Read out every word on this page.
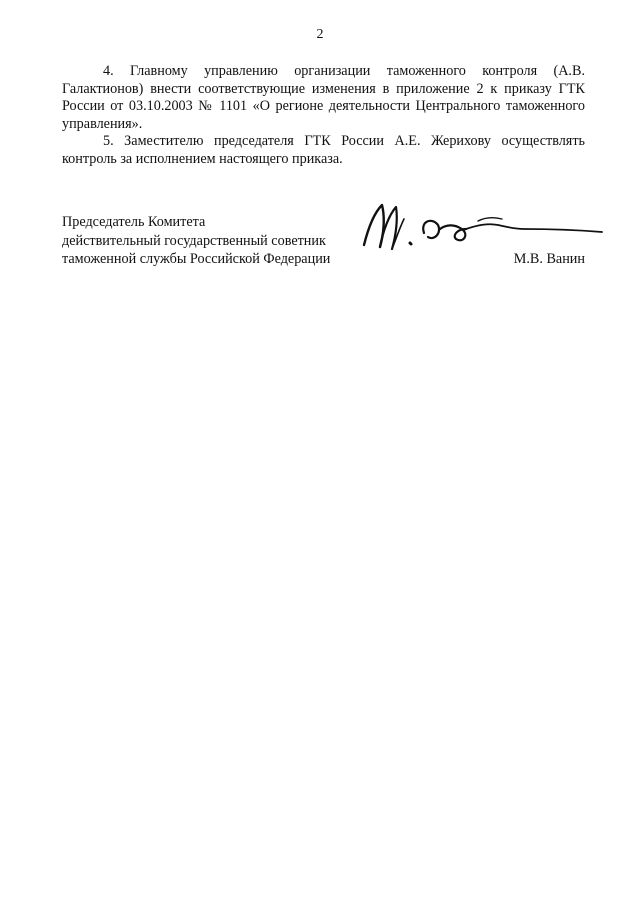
2

4. Главному управлению организации таможенного контроля (А.В. Галактионов) внести соответствующие изменения в приложение 2 к приказу ГТК России от 03.10.2003 № 1101 «О регионе деятельности Центрального таможенного управления».

5. Заместителю председателя ГТК России А.Е. Жерихову осуществлять контроль за исполнением настоящего приказа.

Председатель Комитета
действительный государственный советник
таможенной службы Российской Федерации	М.В. Ванин
